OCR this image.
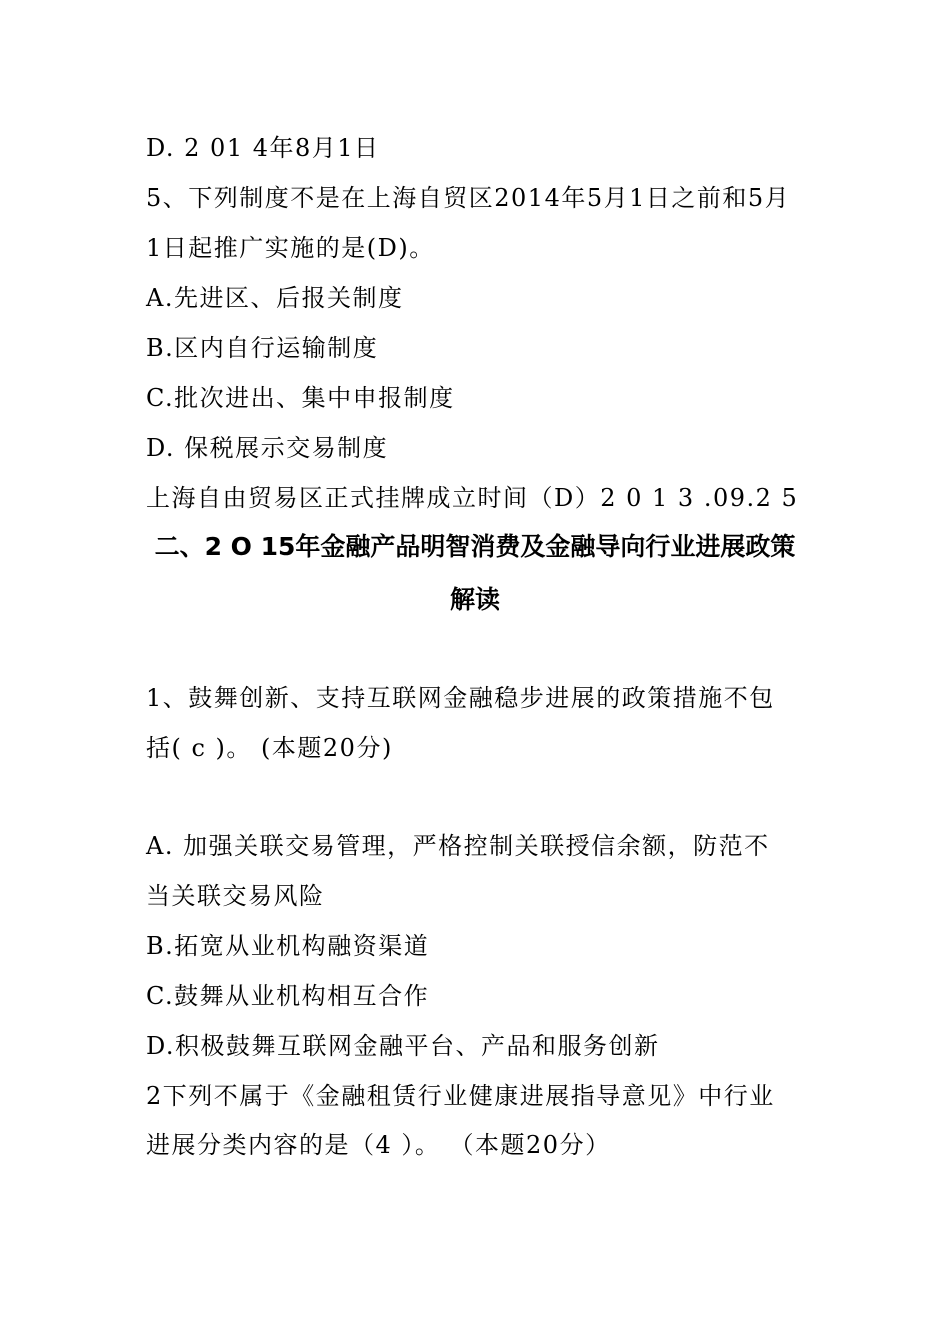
D. 2 01 4年8月1日
5、下列制度不是在上海自贸区2014年5月1日之前和5月
1日起推广实施的是(D)。
A.先进区、后报关制度
B.区内自行运输制度
C.批次进出、集中申报制度
D. 保税展示交易制度
上海自由贸易区正式挂牌成立时间（D）2 0 1 3 .09.2 5
二、2 O 15年金融产品明智消费及金融导向行业进展政策
解读
1、鼓舞创新、支持互联网金融稳步进展的政策措施不包
括( c )。 (本题20分)
A. 加强关联交易管理，严格控制关联授信余额，防范不
当关联交易风险
B.拓宽从业机构融资渠道
C.鼓舞从业机构相互合作
D.积极鼓舞互联网金融平台、产品和服务创新
2下列不属于《金融租赁行业健康进展指导意见》中行业
进展分类内容的是（4 ）。 （本题20分）
